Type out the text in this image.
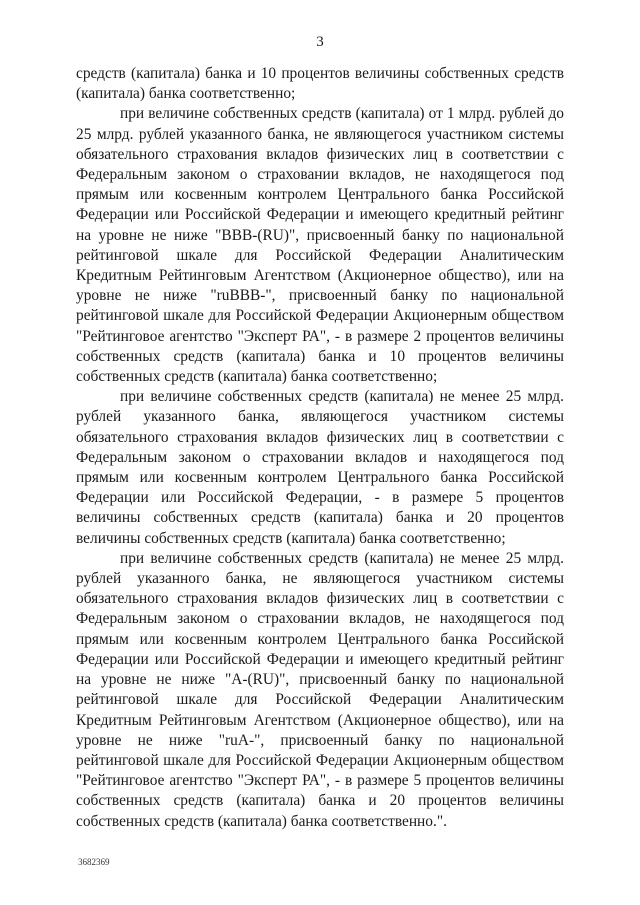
3

средств (капитала) банка и 10 процентов величины собственных средств (капитала) банка соответственно;

при величине собственных средств (капитала) от 1 млрд. рублей до 25 млрд. рублей указанного банка, не являющегося участником системы обязательного страхования вкладов физических лиц в соответствии с Федеральным законом о страховании вкладов, не находящегося под прямым или косвенным контролем Центрального банка Российской Федерации или Российской Федерации и имеющего кредитный рейтинг на уровне не ниже "BBB-(RU)", присвоенный банку по национальной рейтинговой шкале для Российской Федерации Аналитическим Кредитным Рейтинговым Агентством (Акционерное общество), или на уровне не ниже "ruBBB-", присвоенный банку по национальной рейтинговой шкале для Российской Федерации Акционерным обществом "Рейтинговое агентство "Эксперт РА", - в размере 2 процентов величины собственных средств (капитала) банка и 10 процентов величины собственных средств (капитала) банка соответственно;

при величине собственных средств (капитала) не менее 25 млрд. рублей указанного банка, являющегося участником системы обязательного страхования вкладов физических лиц в соответствии с Федеральным законом о страховании вкладов и находящегося под прямым или косвенным контролем Центрального банка Российской Федерации или Российской Федерации, - в размере 5 процентов величины собственных средств (капитала) банка и 20 процентов величины собственных средств (капитала) банка соответственно;

при величине собственных средств (капитала) не менее 25 млрд. рублей указанного банка, не являющегося участником системы обязательного страхования вкладов физических лиц в соответствии с Федеральным законом о страховании вкладов, не находящегося под прямым или косвенным контролем Центрального банка Российской Федерации или Российской Федерации и имеющего кредитный рейтинг на уровне не ниже "A-(RU)", присвоенный банку по национальной рейтинговой шкале для Российской Федерации Аналитическим Кредитным Рейтинговым Агентством (Акционерное общество), или на уровне не ниже "ruA-", присвоенный банку по национальной рейтинговой шкале для Российской Федерации Акционерным обществом "Рейтинговое агентство "Эксперт РА", - в размере 5 процентов величины собственных средств (капитала) банка и 20 процентов величины собственных средств (капитала) банка соответственно.".

3682369
